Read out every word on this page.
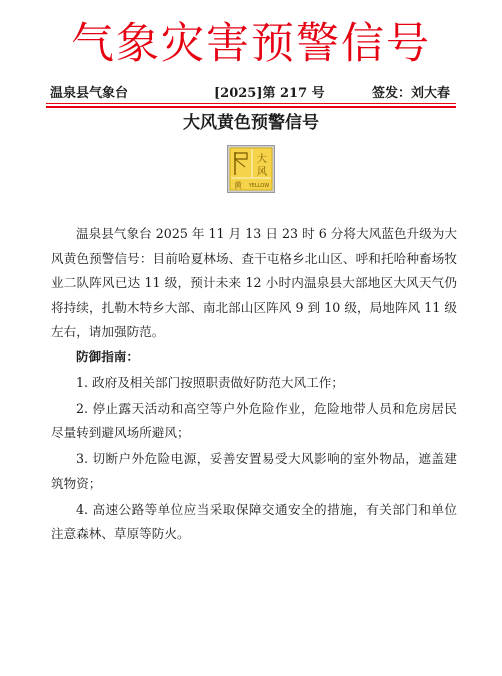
气象灾害预警信号
温泉县气象台	[2025]第 217 号	签发：刘大春
大风黄色预警信号
大
风
黄 YELLOW

温泉县气象台 2025 年 11 月 13 日 23 时 6 分将大风蓝色升级为大风黄色预警信号：目前哈夏林场、查干屯格乡北山区、呼和托哈种畜场牧业二队阵风已达 11 级，预计未来 12 小时内温泉县大部地区大风天气仍将持续，扎勒木特乡大部、南北部山区阵风 9 到 10 级，局地阵风 11 级左右，请加强防范。

防御指南：

1. 政府及相关部门按照职责做好防范大风工作；

2. 停止露天活动和高空等户外危险作业，危险地带人员和危房居民尽量转到避风场所避风；

3. 切断户外危险电源，妥善安置易受大风影响的室外物品，遮盖建筑物资；

4. 高速公路等单位应当采取保障交通安全的措施，有关部门和单位注意森林、草原等防火。
